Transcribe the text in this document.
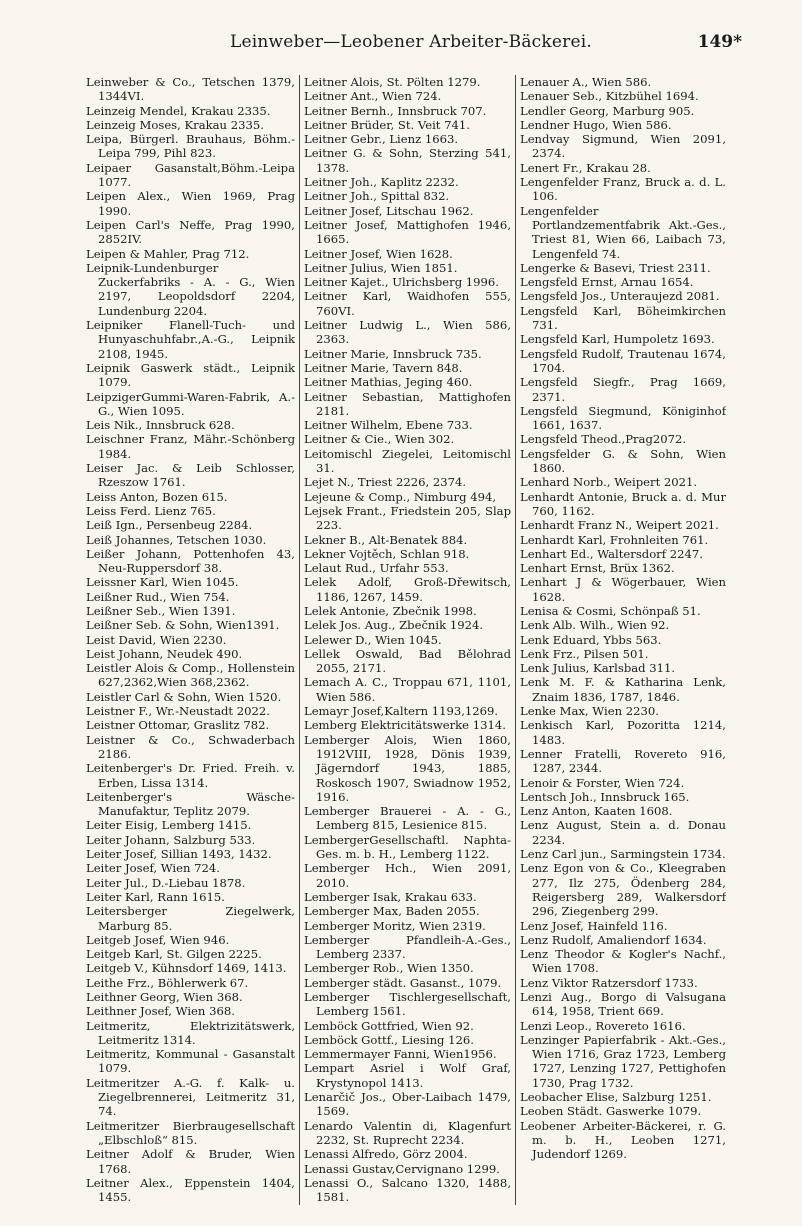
Leinweber—Leobener Arbeiter-Bäckerei.	149*

Leinweber & Co., Tetschen 1379, 1344VI.

Leinzeig Mendel, Krakau 2335.

Leinzeig Moses, Krakau 2335.

Leipa, Bürgerl. Brauhaus, Böhm.-Leipa 799, Pihl 823.

Leipaer Gasanstalt,Böhm.-Leipa 1077.

Leipen Alex., Wien 1969, Prag 1990.

Leipen Carl's Neffe, Prag 1990, 2852IV.

Leipen & Mahler, Prag 712.

Leipnik-Lundenburger Zuckerfabriks - A. - G., Wien 2197, Leopoldsdorf 2204, Lundenburg 2204.

Leipniker Flanell-Tuch- und Hunyaschuhfabr.,A.-G., Leipnik 2108, 1945.

Leipnik Gaswerk städt., Leipnik 1079.

LeipzigerGummi-Waren-Fabrik, A.-G., Wien 1095.

Leis Nik., Innsbruck 628.

Leischner Franz, Mähr.-Schönberg 1984.

Leiser Jac. & Leib Schlosser, Rzeszow 1761.

Leiss Anton, Bozen 615.

Leiss Ferd. Lienz 765.

Leiß Ign., Persenbeug 2284.

Leiß Johannes, Tetschen 1030.

Leißer Johann, Pottenhofen 43, Neu-Ruppersdorf 38.

Leissner Karl, Wien 1045.

Leißner Rud., Wien 754.

Leißner Seb., Wien 1391.

Leißner Seb. & Sohn, Wien1391.

Leist David, Wien 2230.

Leist Johann, Neudek 490.

Leistler Alois & Comp., Hollenstein 627,2362,Wien 368,2362.

Leistler Carl & Sohn, Wien 1520.

Leistner F., Wr.-Neustadt 2022.

Leistner Ottomar, Graslitz 782.

Leistner & Co., Schwaderbach 2186.

Leitenberger's Dr. Fried. Freih. v. Erben, Lissa 1314.

Leitenberger's Wäsche-Manufaktur, Teplitz 2079.

Leiter Eisig, Lemberg 1415.

Leiter Johann, Salzburg 533.

Leiter Josef, Sillian 1493, 1432.

Leiter Josef, Wien 724.

Leiter Jul., D.-Liebau 1878.

Leiter Karl, Rann 1615.

Leitersberger Ziegelwerk, Marburg 85.

Leitgeb Josef, Wien 946.

Leitgeb Karl, St. Gilgen 2225.

Leitgeb V., Kühnsdorf 1469, 1413.

Leithe Frz., Böhlerwerk 67.

Leithner Georg, Wien 368.

Leithner Josef, Wien 368.

Leitmeritz, Elektrizitätswerk, Leitmeritz 1314.

Leitmeritz, Kommunal - Gasanstalt 1079.

Leitmeritzer A.-G. f. Kalk- u. Ziegelbrennerei, Leitmeritz 31, 74.

Leitmeritzer Bierbraugesellschaft „Elbschloß“ 815.

Leitner Adolf & Bruder, Wien 1768.

Leitner Alex., Eppenstein 1404, 1455.

Leitner Alois, St. Pölten 1279.

Leitner Ant., Wien 724.

Leitner Bernh., Innsbruck 707.

Leitner Brüder, St. Veit 741.

Leitner Gebr., Lienz 1663.

Leitner G. & Sohn, Sterzing 541, 1378.

Leitner Joh., Kaplitz 2232.

Leitner Joh., Spittal 832.

Leitner Josef, Litschau 1962.

Leitner Josef, Mattighofen 1946, 1665.

Leitner Josef, Wien 1628.

Leitner Julius, Wien 1851.

Leitner Kajet., Ulrichsberg 1996.

Leitner Karl, Waidhofen 555, 760VI.

Leitner Ludwig L., Wien 586, 2363.

Leitner Marie, Innsbruck 735.

Leitner Marie, Tavern 848.

Leitner Mathias, Jeging 460.

Leitner Sebastian, Mattighofen 2181.

Leitner Wilhelm, Ebene 733.

Leitner & Cie., Wien 302.

Leitomischl Ziegelei, Leitomischl 31.

Lejet N., Triest 2226, 2374.

Lejeune & Comp., Nimburg 494,

Lejsek Frant., Friedstein 205, Slap 223.

Lekner B., Alt-Benatek 884.

Lekner Vojtěch, Schlan 918.

Lelaut Rud., Urfahr 553.

Lelek Adolf, Groß-Dřewitsch, 1186, 1267, 1459.

Lelek Antonie, Zbečnik 1998.

Lelek Jos. Aug., Zbečnik 1924.

Lelewer D., Wien 1045.

Lellek Oswald, Bad Bělohrad 2055, 2171.

Lemach A. C., Troppau 671, 1101, Wien 586.

Lemayr Josef,Kaltern 1193,1269.

Lemberg Elektricitätswerke 1314.

Lemberger Alois, Wien 1860, 1912VIII, 1928, Dönis 1939, Jägerndorf 1943, 1885, Roskosch 1907, Swiadnow 1952, 1916.

Lemberger Brauerei - A. - G., Lemberg 815, Lesienice 815.

LembergerGesellschaftl. Naphta-Ges. m. b. H., Lemberg 1122.

Lemberger Hch., Wien 2091, 2010.

Lemberger Isak, Krakau 633.

Lemberger Max, Baden 2055.

Lemberger Moritz, Wien 2319.

Lemberger Pfandleih-A.-Ges., Lemberg 2337.

Lemberger Rob., Wien 1350.

Lemberger städt. Gasanst., 1079.

Lemberger Tischlergesellschaft, Lemberg 1561.

Lemböck Gottfried, Wien 92.

Lemböck Gottf., Liesing 126.

Lemmermayer Fanni, Wien1956.

Lempart Asriel i Wolf Graf, Krystynopol 1413.

Lenarčič Jos., Ober-Laibach 1479, 1569.

Lenardo Valentin di, Klagenfurt 2232, St. Ruprecht 2234.

Lenassi Alfredo, Görz 2004.

Lenassi Gustav,Cervignano 1299.

Lenassi O., Salcano 1320, 1488, 1581.

Lenauer A., Wien 586.

Lenauer Seb., Kitzbühel 1694.

Lendler Georg, Marburg 905.

Lendner Hugo, Wien 586.

Lendvay Sigmund, Wien 2091, 2374.

Lenert Fr., Krakau 28.

Lengenfelder Franz, Bruck a. d. L. 106.

Lengenfelder Portlandzementfabrik Akt.-Ges., Triest 81, Wien 66, Laibach 73, Lengenfeld 74.

Lengerke & Basevi, Triest 2311.

Lengsfeld Ernst, Arnau 1654.

Lengsfeld Jos., Unteraujezd 2081.

Lengsfeld Karl, Böheimkirchen 731.

Lengsfeld Karl, Humpoletz 1693.

Lengsfeld Rudolf, Trautenau 1674, 1704.

Lengsfeld Siegfr., Prag 1669, 2371.

Lengsfeld Siegmund, Königinhof 1661, 1637.

Lengsfeld Theod.,Prag2072.

Lengsfelder G. & Sohn, Wien 1860.

Lenhard Norb., Weipert 2021.

Lenhardt Antonie, Bruck a. d. Mur 760, 1162.

Lenhardt Franz N., Weipert 2021.

Lenhardt Karl, Frohnleiten 761.

Lenhart Ed., Waltersdorf 2247.

Lenhart Ernst, Brüx 1362.

Lenhart J & Wögerbauer, Wien 1628.

Lenisa & Cosmi, Schönpaß 51.

Lenk Alb. Wilh., Wien 92.

Lenk Eduard, Ybbs 563.

Lenk Frz., Pilsen 501.

Lenk Julius, Karlsbad 311.

Lenk M. F. & Katharina Lenk, Znaim 1836, 1787, 1846.

Lenke Max, Wien 2230.

Lenkisch Karl, Pozoritta 1214, 1483.

Lenner Fratelli, Rovereto 916, 1287, 2344.

Lenoir & Forster, Wien 724.

Lentsch Joh., Innsbruck 165.

Lenz Anton, Kaaten 1608.

Lenz August, Stein a. d. Donau 2234.

Lenz Carl jun., Sarmingstein 1734.

Lenz Egon von & Co., Kleegraben 277, Ilz 275, Ödenberg 284, Reigersberg 289, Walkersdorf 296, Ziegenberg 299.

Lenz Josef, Hainfeld 116.

Lenz Rudolf, Amaliendorf 1634.

Lenz Theodor & Kogler's Nachf., Wien 1708.

Lenz Viktor Ratzersdorf 1733.

Lenzi Aug., Borgo di Valsugana 614, 1958, Trient 669.

Lenzi Leop., Rovereto 1616.

Lenzinger Papierfabrik - Akt.-Ges., Wien 1716, Graz 1723, Lemberg 1727, Lenzing 1727, Pettighofen 1730, Prag 1732.

Leobacher Elise, Salzburg 1251.

Leoben Städt. Gaswerke 1079.

Leobener Arbeiter-Bäckerei, r. G. m. b. H., Leoben 1271, Judendorf 1269.
